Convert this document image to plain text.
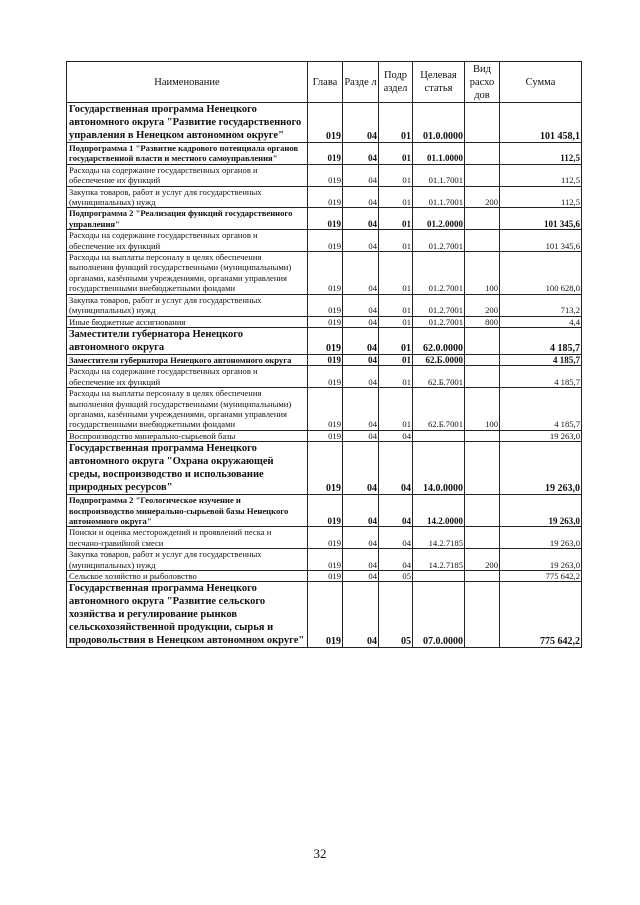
Наименование	Глава	Разде л	Подр аздел	Целевая статья	Вид расхо дов	Сумма
Государственная программа Ненецкого автономного округа "Развитие государственного управления в Ненецком автономном округе"	019	04	01	01.0.0000		101 458,1
Подпрограмма 1 "Развитие кадрового потенциала органов государственной власти и местного самоуправления"	019	04	01	01.1.0000		112,5
Расходы на содержание государственных органов и обеспечение их функций	019	04	01	01.1.7001		112,5
Закупка товаров, работ и услуг для государственных (муниципальных) нужд	019	04	01	01.1.7001	200	112,5
Подпрограмма 2 "Реализация функций государственного управления"	019	04	01	01.2.0000		101 345,6
Расходы на содержание государственных органов и обеспечение их функций	019	04	01	01.2.7001		101 345,6
Расходы на выплаты персоналу в целях обеспечения выполнения функций государственными (муниципальными) органами, казёнными учреждениями, органами управления государственными внебюджетными фондами	019	04	01	01.2.7001	100	100 628,0
Закупка товаров, работ и услуг для государственных (муниципальных) нужд	019	04	01	01.2.7001	200	713,2
Иные бюджетные ассигнования	019	04	01	01.2.7001	800	4,4
Заместители губернатора Ненецкого автономного округа	019	04	01	62.0.0000		4 185,7
Заместители губернатора Ненецкого автономного округа	019	04	01	62.Б.0000		4 185,7
Расходы на содержание государственных органов и обеспечение их функций	019	04	01	62.Б.7001		4 185,7
Расходы на выплаты персоналу в целях обеспечения выполнения функций государственными (муниципальными) органами, казёнными учреждениями, органами управления государственными внебюджетными фондами	019	04	01	62.Б.7001	100	4 185,7
Воспроизводство минерально-сырьевой базы	019	04	04			19 263,0
Государственная программа Ненецкого автономного округа "Охрана окружающей среды, воспроизводство и использование природных ресурсов"	019	04	04	14.0.0000		19 263,0
Подпрограмма 2 "Геологическое изучение и воспроизводство минерально-сырьевой базы Ненецкого автономного округа"	019	04	04	14.2.0000		19 263,0
Поиски и оценка месторождений и проявлений песка и песчано-гравийной смеси	019	04	04	14.2.7185		19 263,0
Закупка товаров, работ и услуг для государственных (муниципальных) нужд	019	04	04	14.2.7185	200	19 263,0
Сельское хозяйство и рыболовство	019	04	05			775 642,2
Государственная программа Ненецкого автономного округа "Развитие сельского хозяйства и регулирование рынков сельскохозяйственной продукции, сырья и продовольствия в Ненецком автономном округе"	019	04	05	07.0.0000		775 642,2
32
